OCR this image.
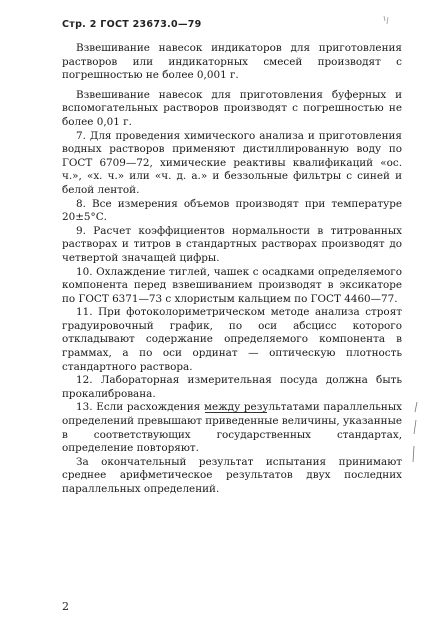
Стр. 2 ГОСТ 23673.0—79

Взвешивание навесок индикаторов для приготовления растворов или индикаторных смесей производят с погрешностью не более 0,001 г.

Взвешивание навесок для приготовления буферных и вспомогательных растворов производят с погрешностью не более 0,01 г.

7. Для проведения химического анализа и приготовления водных растворов применяют дистиллированную воду по ГОСТ 6709—72, химические реактивы квалификаций «ос. ч.», «х. ч.» или «ч. д. а.» и беззольные фильтры с синей и белой лентой.

8. Все измерения объемов производят при температуре 20±5°С.

9. Расчет коэффициентов нормальности в титрованных растворах и титров в стандартных растворах производят до четвертой значащей цифры.

10. Охлаждение тиглей, чашек с осадками определяемого компонента перед взвешиванием производят в эксикаторе по ГОСТ 6371—73 с хлористым кальцием по ГОСТ 4460—77.

11. При фотоколориметрическом методе анализа строят градуировочный график, по оси абсцисс которого откладывают содержание определяемого компонента в граммах, а по оси ординат — оптическую плотность стандартного раствора.

12. Лабораторная измерительная посуда должна быть прокалибрована.

13. Если расхождения между результатами параллельных определений превышают приведенные величины, указанные в соответствующих государственных стандартах, определение повторяют.

За окончательный результат испытания принимают среднее арифметическое результатов двух последних параллельных определений.

2
